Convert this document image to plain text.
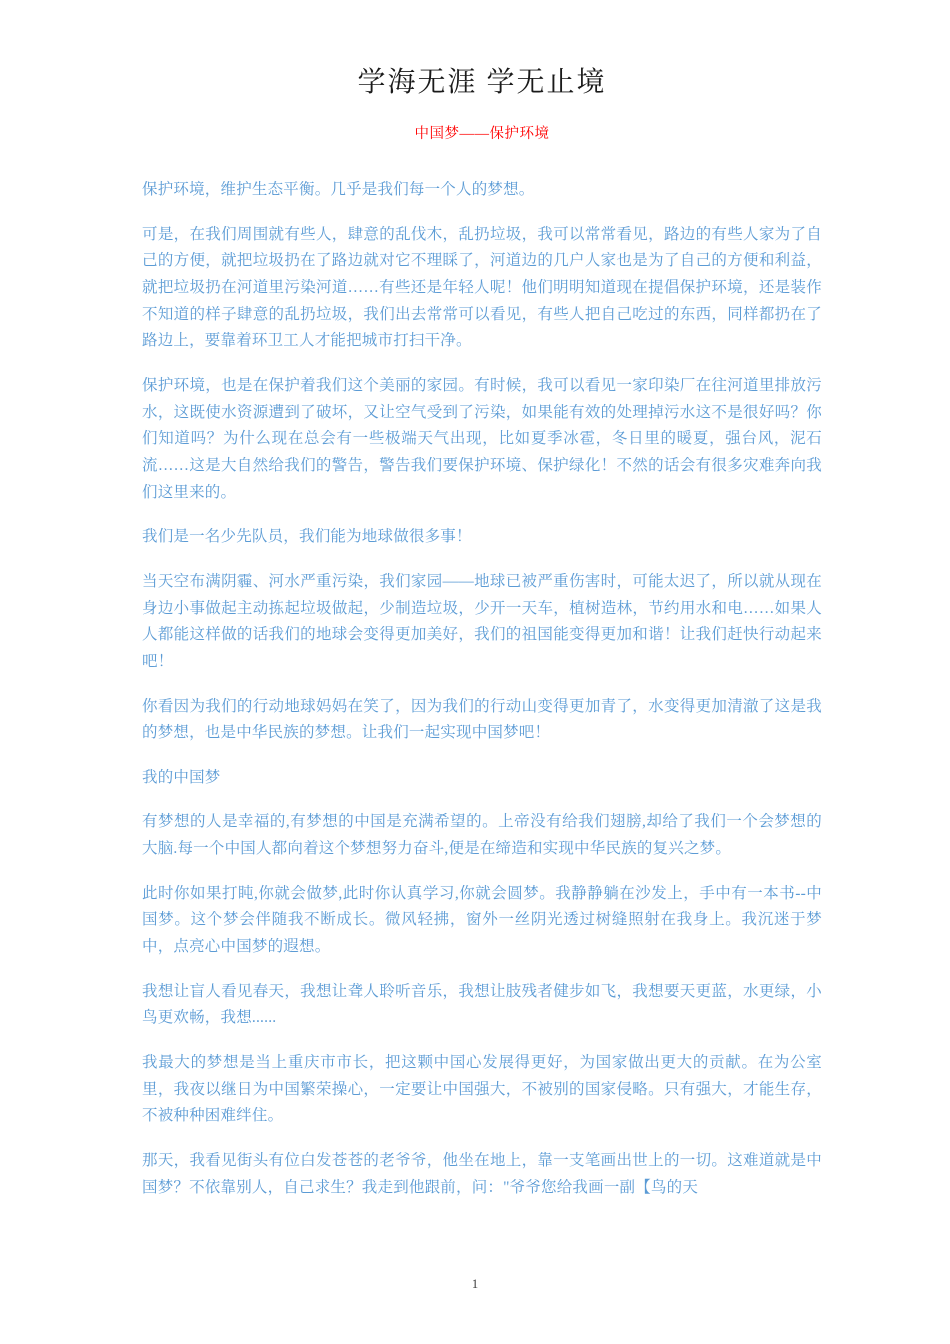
学海无涯 学无止境
中国梦——保护环境

保护环境，维护生态平衡。几乎是我们每一个人的梦想。

可是，在我们周围就有些人，肆意的乱伐木，乱扔垃圾，我可以常常看见，路边的有些人家为了自己的方便，就把垃圾扔在了路边就对它不理睬了，河道边的几户人家也是为了自己的方便和利益，就把垃圾扔在河道里污染河道……有些还是年轻人呢！他们明明知道现在提倡保护环境，还是装作不知道的样子肆意的乱扔垃圾，我们出去常常可以看见，有些人把自己吃过的东西，同样都扔在了路边上，要靠着环卫工人才能把城市打扫干净。

保护环境，也是在保护着我们这个美丽的家园。有时候，我可以看见一家印染厂在往河道里排放污水，这既使水资源遭到了破坏，又让空气受到了污染，如果能有效的处理掉污水这不是很好吗？你们知道吗？为什么现在总会有一些极端天气出现，比如夏季冰雹，冬日里的暖夏，强台风，泥石流……这是大自然给我们的警告，警告我们要保护环境、保护绿化！不然的话会有很多灾难奔向我们这里来的。

我们是一名少先队员，我们能为地球做很多事！

当天空布满阴霾、河水严重污染，我们家园——地球已被严重伤害时，可能太迟了，所以就从现在身边小事做起主动拣起垃圾做起，少制造垃圾，少开一天车，植树造林，节约用水和电……如果人人都能这样做的话我们的地球会变得更加美好，我们的祖国能变得更加和谐！让我们赶快行动起来吧！

你看因为我们的行动地球妈妈在笑了，因为我们的行动山变得更加青了，水变得更加清澈了这是我的梦想，也是中华民族的梦想。让我们一起实现中国梦吧！

我的中国梦

有梦想的人是幸福的,有梦想的中国是充满希望的。上帝没有给我们翅膀,却给了我们一个会梦想的大脑.每一个中国人都向着这个梦想努力奋斗,便是在缔造和实现中华民族的复兴之梦。

此时你如果打盹,你就会做梦,此时你认真学习,你就会圆梦。我静静躺在沙发上，手中有一本书--中国梦。这个梦会伴随我不断成长。微风轻拂，窗外一丝阴光透过树缝照射在我身上。我沉迷于梦中，点亮心中国梦的遐想。

我想让盲人看见春天，我想让聋人聆听音乐，我想让肢残者健步如飞，我想要天更蓝，水更绿，小鸟更欢畅，我想......

我最大的梦想是当上重庆市市长，把这颗中国心发展得更好，为国家做出更大的贡献。在为公室里，我夜以继日为中国繁荣操心，一定要让中国强大，不被别的国家侵略。只有强大，才能生存，不被种种困难绊住。

那天，我看见街头有位白发苍苍的老爷爷，他坐在地上，靠一支笔画出世上的一切。这难道就是中国梦？不依靠别人，自己求生？我走到他跟前，问："爷爷您给我画一副【鸟的天

1
